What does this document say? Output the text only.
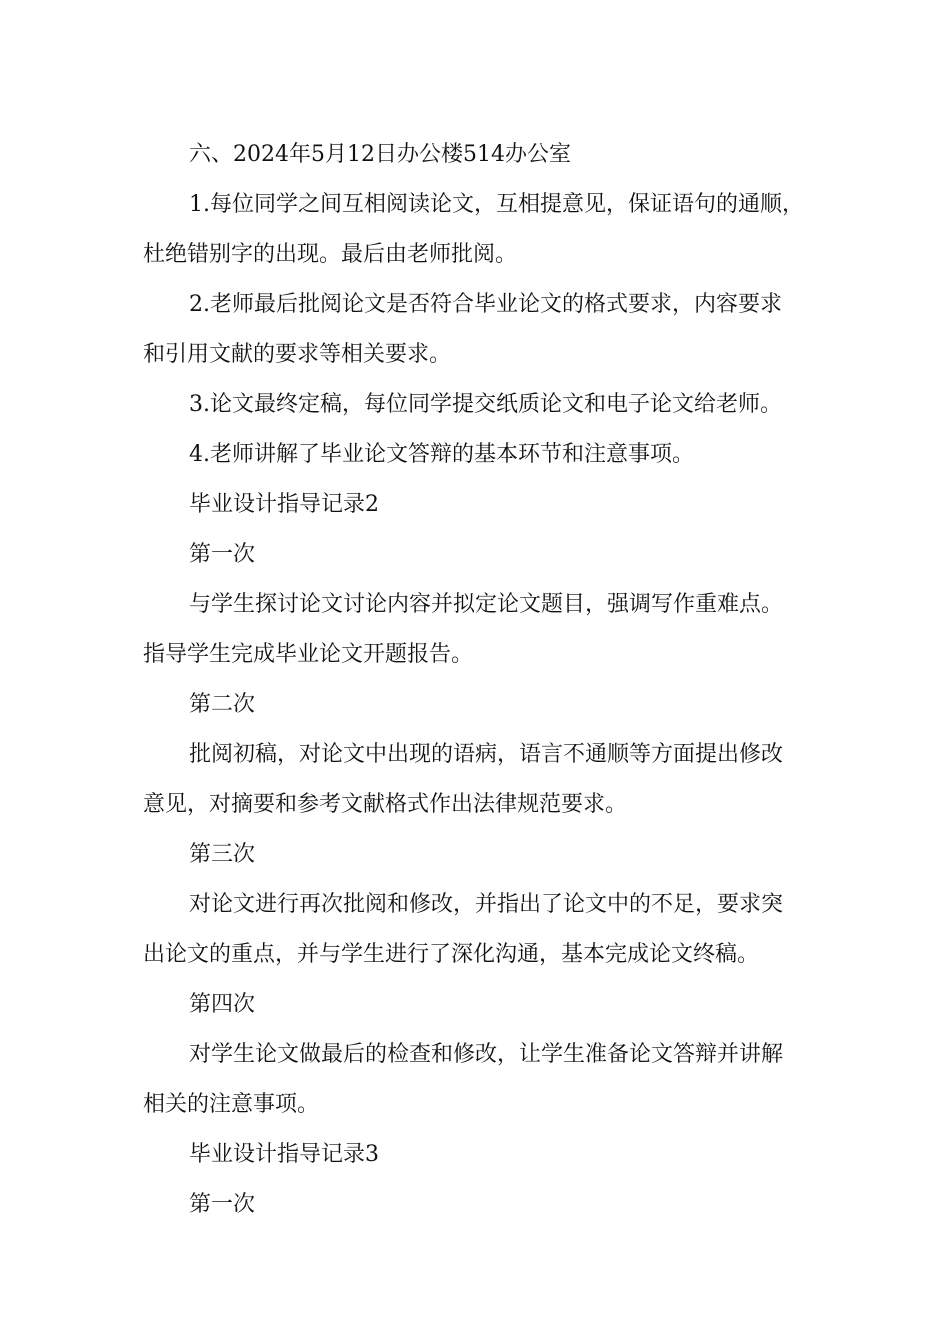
六、2024年5月12日办公楼514办公室
1.每位同学之间互相阅读论文，互相提意见，保证语句的通顺，
杜绝错别字的出现。最后由老师批阅。
2.老师最后批阅论文是否符合毕业论文的格式要求，内容要求
和引用文献的要求等相关要求。
3.论文最终定稿，每位同学提交纸质论文和电子论文给老师。
4.老师讲解了毕业论文答辩的基本环节和注意事项。
毕业设计指导记录2
第一次
与学生探讨论文讨论内容并拟定论文题目，强调写作重难点。
指导学生完成毕业论文开题报告。
第二次
批阅初稿，对论文中出现的语病，语言不通顺等方面提出修改
意见，对摘要和参考文献格式作出法律规范要求。
第三次
对论文进行再次批阅和修改，并指出了论文中的不足，要求突
出论文的重点，并与学生进行了深化沟通，基本完成论文终稿。
第四次
对学生论文做最后的检查和修改，让学生准备论文答辩并讲解
相关的注意事项。
毕业设计指导记录3
第一次
